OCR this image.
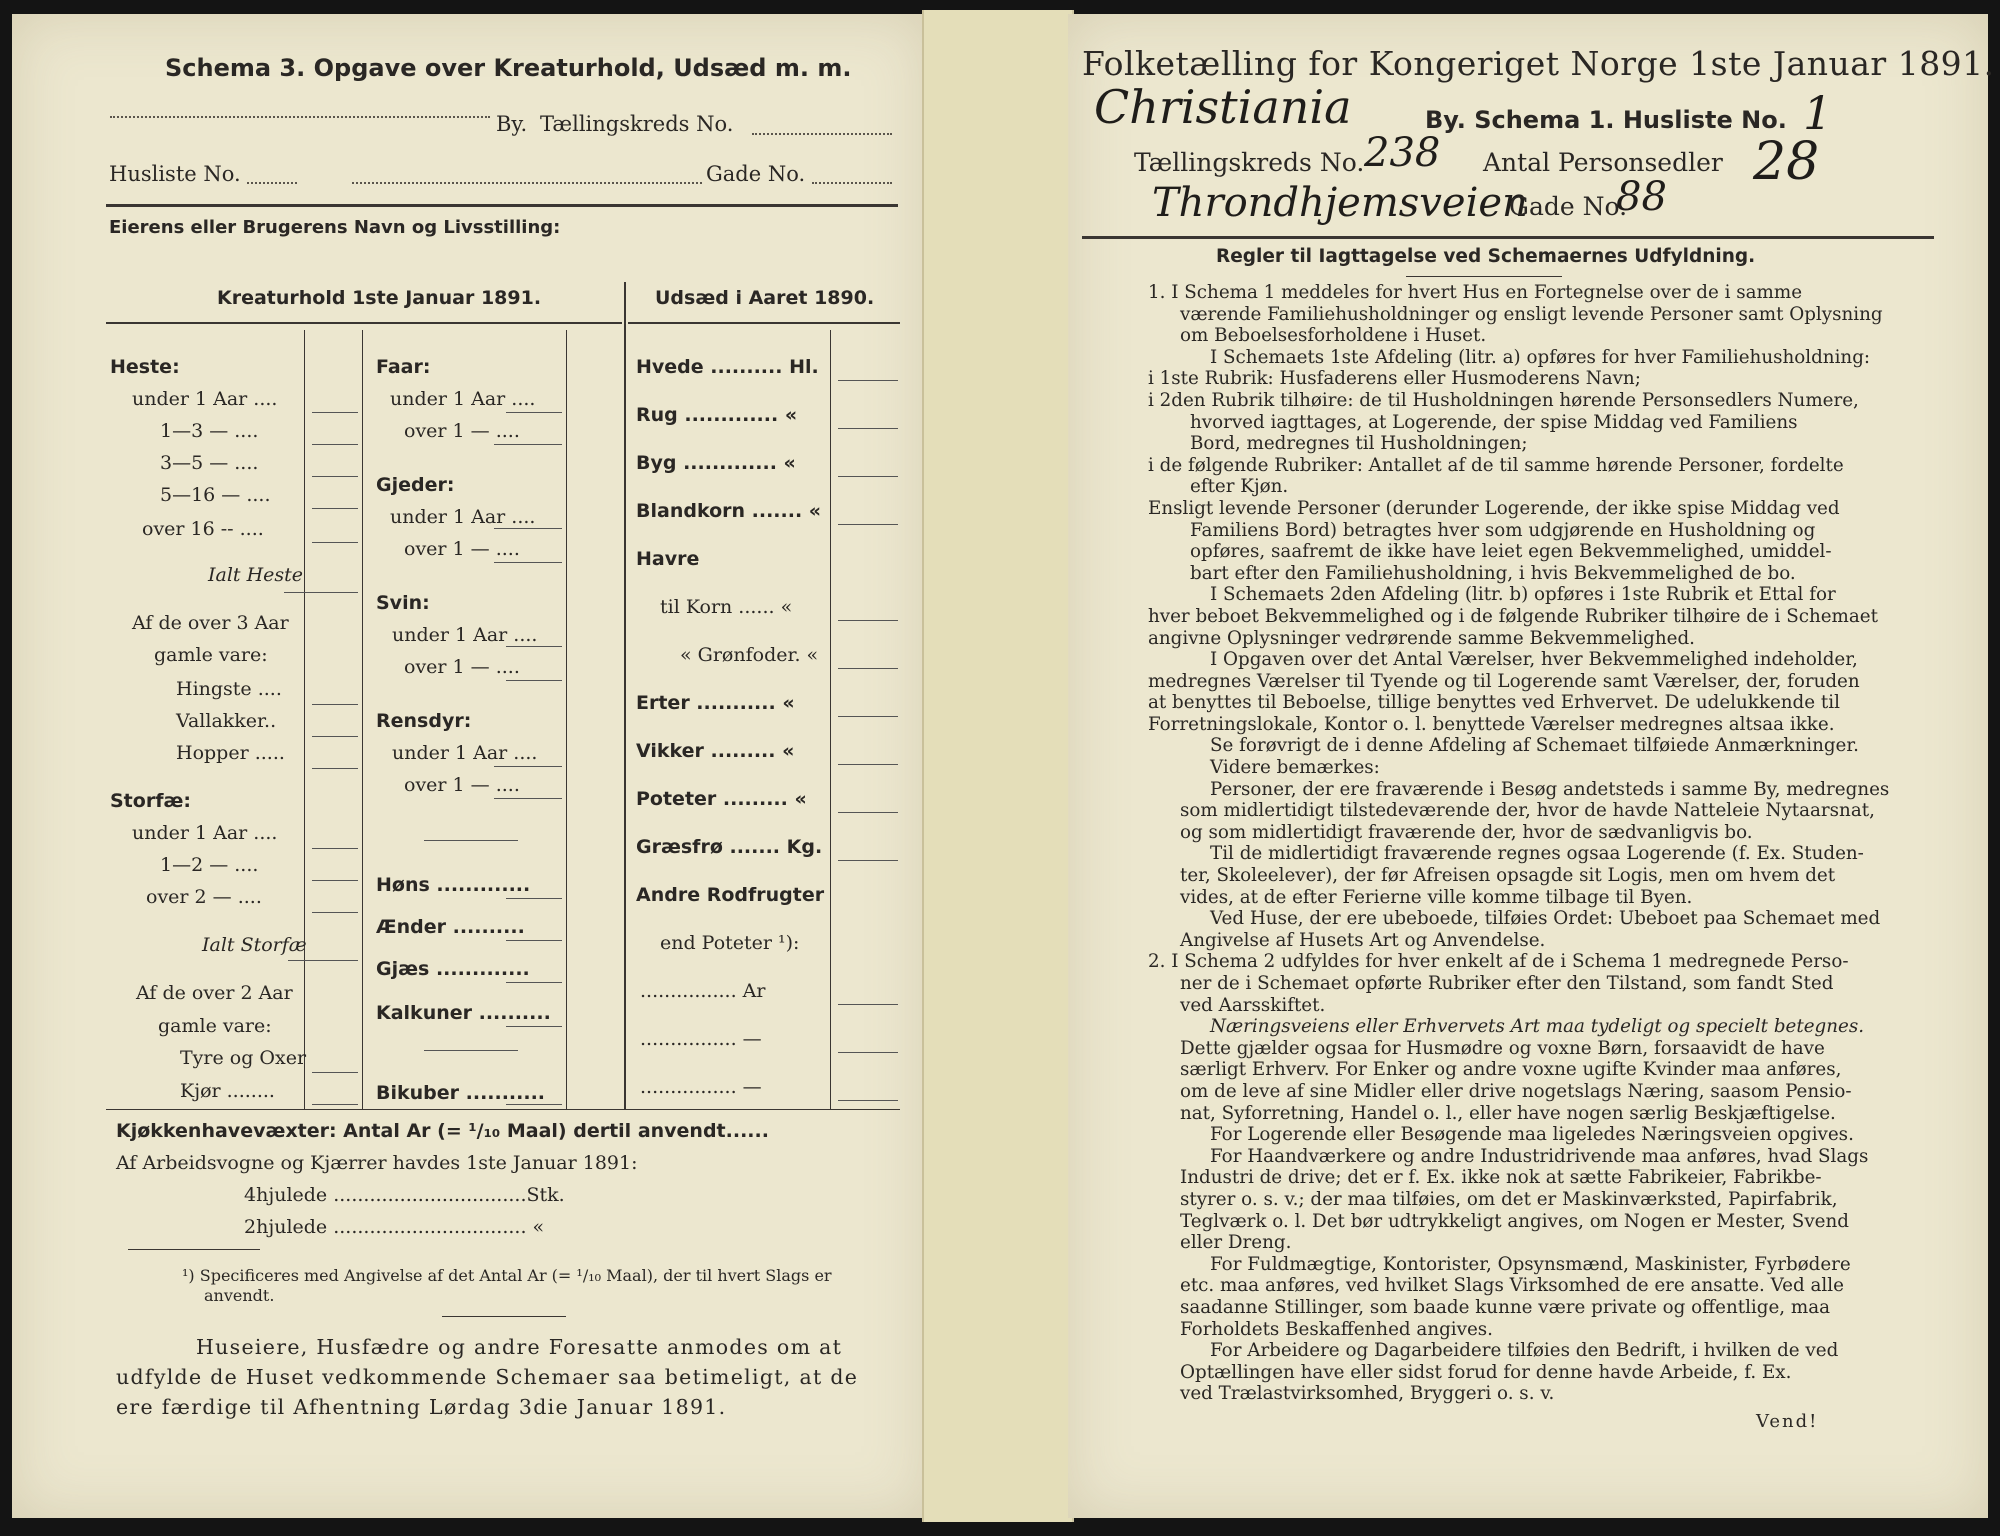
Schema 3. Opgave over Kreaturhold, Udsæd m. m.
By. Tællingskreds No.
Husliste No.	Gade No.
Eierens eller Brugerens Navn og Livsstilling:
Kreaturhold 1ste Januar 1891.	Udsæd i Aaret 1890.
Heste:
under 1 Aar ....
1—3 — ....
3—5 — ....
5—16 — ....
over 16 -- ....
Ialt Heste
Af de over 3 Aar
gamle vare:
Hingste ....
Vallakker..
Hopper .....
Storfæ:
under 1 Aar ....
1—2 — ....
over 2 — ....
Ialt Storfæ
Af de over 2 Aar
gamle vare:
Tyre og Oxer
Kjør ........
Faar:
under 1 Aar ....
over 1 — ....
Gjeder:
under 1 Aar ....
over 1 — ....
Svin:
under 1 Aar ....
over 1 — ....
Rensdyr:
under 1 Aar ....
over 1 — ....
Høns .............
Ænder ..........
Gjæs .............
Kalkuner ..........
Bikuber ...........
Hvede .......... Hl.
Rug ............. «
Byg ............. «
Blandkorn ....... «
Havre
til Korn ...... «
« Grønfoder. «
Erter ........... «
Vikker ......... «
Poteter ......... «
Græsfrø ....... Kg.
Andre Rodfrugter
end Poteter ¹):
................ Ar
................ —
................ —
Kjøkkenhavevæxter: Antal Ar (= ¹/₁₀ Maal) dertil anvendt......
Af Arbeidsvogne og Kjærrer havdes 1ste Januar 1891:
4hjulede ................................Stk.
2hjulede ................................ «
¹) Specificeres med Angivelse af det Antal Ar (= ¹/₁₀ Maal), der til hvert Slags er
anvendt.
Huseiere, Husfædre og andre Foresatte anmodes om at
udfylde de Huset vedkommende Schemaer saa betimeligt, at de
ere færdige til Afhentning Lørdag 3die Januar 1891.
Folketælling for Kongeriget Norge 1ste Januar 1891.
Christiania	By. Schema 1. Husliste No. 1
Tællingskreds No. 238 Antal Personsedler 28
Throndhjemsveien
Gade No.
88
Regler til Iagttagelse ved Schemaernes Udfyldning.

1. I Schema 1 meddeles for hvert Hus en Fortegnelse over de i samme

værende Familiehusholdninger og ensligt levende Personer samt Oplysning

om Beboelsesforholdene i Huset.

I Schemaets 1ste Afdeling (litr. a) opføres for hver Familiehusholdning:

i 1ste Rubrik: Husfaderens eller Husmoderens Navn;

i 2den Rubrik tilhøire: de til Husholdningen hørende Personsedlers Numere,

hvorved iagttages, at Logerende, der spise Middag ved Familiens

Bord, medregnes til Husholdningen;

i de følgende Rubriker: Antallet af de til samme hørende Personer, fordelte

efter Kjøn.

Ensligt levende Personer (derunder Logerende, der ikke spise Middag ved

Familiens Bord) betragtes hver som udgjørende en Husholdning og

opføres, saafremt de ikke have leiet egen Bekvemmelighed, umiddel-

bart efter den Familiehusholdning, i hvis Bekvemmelighed de bo.

I Schemaets 2den Afdeling (litr. b) opføres i 1ste Rubrik et Ettal for

hver beboet Bekvemmelighed og i de følgende Rubriker tilhøire de i Schemaet

angivne Oplysninger vedrørende samme Bekvemmelighed.

I Opgaven over det Antal Værelser, hver Bekvemmelighed indeholder,

medregnes Værelser til Tyende og til Logerende samt Værelser, der, foruden

at benyttes til Beboelse, tillige benyttes ved Erhvervet. De udelukkende til

Forretningslokale, Kontor o. l. benyttede Værelser medregnes altsaa ikke.

Se forøvrigt de i denne Afdeling af Schemaet tilføiede Anmærkninger.

Videre bemærkes:

Personer, der ere fraværende i Besøg andetsteds i samme By, medregnes

som midlertidigt tilstedeværende der, hvor de havde Natteleie Nytaarsnat,

og som midlertidigt fraværende der, hvor de sædvanligvis bo.

Til de midlertidigt fraværende regnes ogsaa Logerende (f. Ex. Studen-

ter, Skoleelever), der før Afreisen opsagde sit Logis, men om hvem det

vides, at de efter Ferierne ville komme tilbage til Byen.

Ved Huse, der ere ubeboede, tilføies Ordet: Ubeboet paa Schemaet med

Angivelse af Husets Art og Anvendelse.

2. I Schema 2 udfyldes for hver enkelt af de i Schema 1 medregnede Perso-

ner de i Schemaet opførte Rubriker efter den Tilstand, som fandt Sted

ved Aarsskiftet.

Næringsveiens eller Erhvervets Art maa tydeligt og specielt betegnes.

Dette gjælder ogsaa for Husmødre og voxne Børn, forsaavidt de have

særligt Erhverv. For Enker og andre voxne ugifte Kvinder maa anføres,

om de leve af sine Midler eller drive nogetslags Næring, saasom Pensio-

nat, Syforretning, Handel o. l., eller have nogen særlig Beskjæftigelse.

For Logerende eller Besøgende maa ligeledes Næringsveien opgives.

For Haandværkere og andre Industridrivende maa anføres, hvad Slags

Industri de drive; det er f. Ex. ikke nok at sætte Fabrikeier, Fabrikbe-

styrer o. s. v.; der maa tilføies, om det er Maskinværksted, Papirfabrik,

Teglværk o. l. Det bør udtrykkeligt angives, om Nogen er Mester, Svend

eller Dreng.

For Fuldmægtige, Kontorister, Opsynsmænd, Maskinister, Fyrbødere

etc. maa anføres, ved hvilket Slags Virksomhed de ere ansatte. Ved alle

saadanne Stillinger, som baade kunne være private og offentlige, maa

Forholdets Beskaffenhed angives.

For Arbeidere og Dagarbeidere tilføies den Bedrift, i hvilken de ved

Optællingen have eller sidst forud for denne havde Arbeide, f. Ex.

ved Trælastvirksomhed, Bryggeri o. s. v.

Vend!
